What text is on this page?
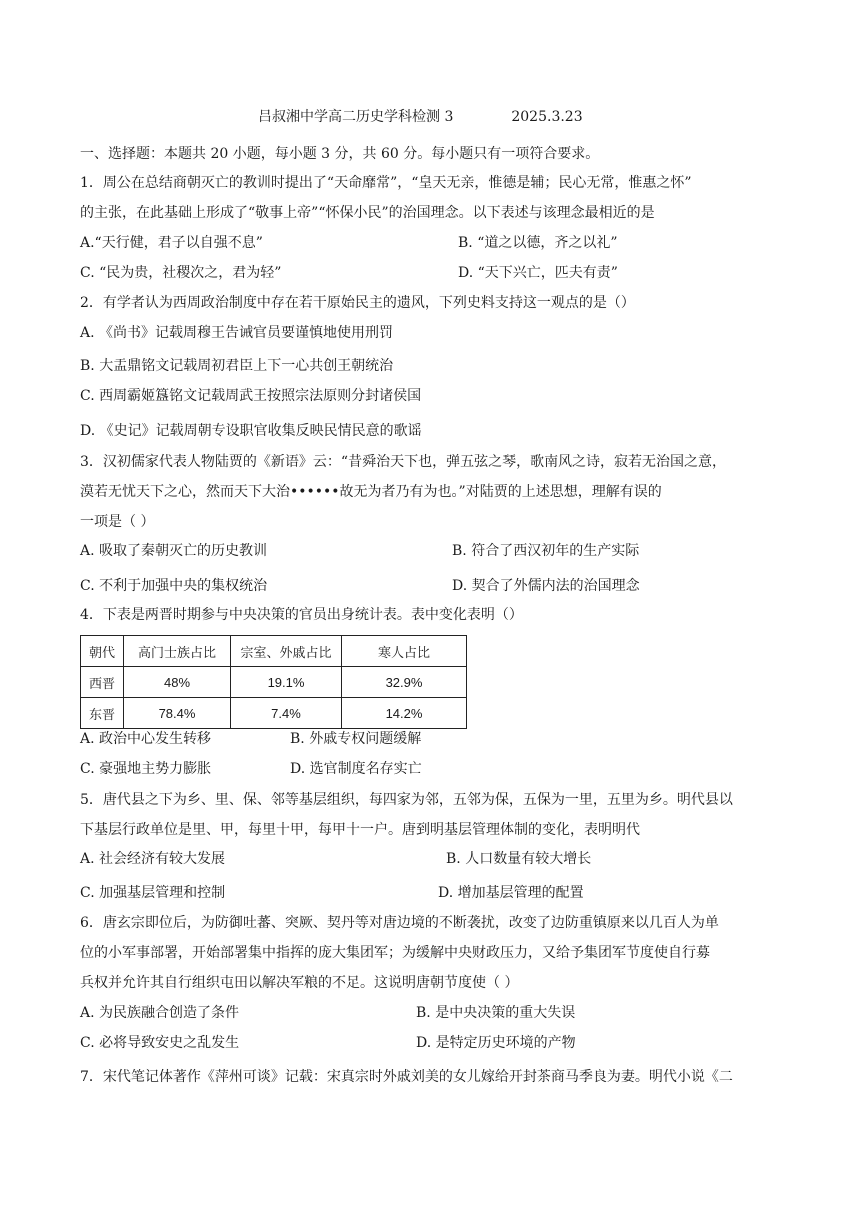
吕叔湘中学高二历史学科检测 3	2025.3.23
一、选择题：本题共 20 小题，每小题 3 分，共 60 分。每小题只有一项符合要求。
1．周公在总结商朝灭亡的教训时提出了“天命靡常”，“皇天无亲，惟德是辅；民心无常，惟惠之怀”
的主张，在此基础上形成了“敬事上帝”“怀保小民”的治国理念。以下表述与该理念最相近的是
A.“天行健，君子以自强不息”	B. “道之以德，齐之以礼”
C. “民为贵，社稷次之，君为轻”	D. “天下兴亡，匹夫有责”
2．有学者认为西周政治制度中存在若干原始民主的遗风，下列史料支持这一观点的是（）
A. 《尚书》记载周穆王告诫官员要谨慎地使用刑罚
B. 大盂鼎铭文记载周初君臣上下一心共创王朝统治
C. 西周霸姬簋铭文记载周武王按照宗法原则分封诸侯国
D. 《史记》记载周朝专设职官收集反映民情民意的歌谣
3．汉初儒家代表人物陆贾的《新语》云：“昔舜治天下也，弹五弦之琴，歌南风之诗，寂若无治国之意，
漠若无忧天下之心，然而天下大治••••••故无为者乃有为也。”对陆贾的上述思想，理解有误的
一项是（ ）
A. 吸取了秦朝灭亡的历史教训	B. 符合了西汉初年的生产实际
C. 不利于加强中央的集权统治	D. 契合了外儒内法的治国理念
4．下表是两晋时期参与中央决策的官员出身统计表。表中变化表明（）
朝代	高门士族占比	宗室、外戚占比	寒人占比
西晋	48%	19.1%	32.9%
东晋	78.4%	7.4%	14.2%
A. 政治中心发生转移	B. 外戚专权问题缓解
C. 豪强地主势力膨胀	D. 选官制度名存实亡
5．唐代县之下为乡、里、保、邻等基层组织，每四家为邻，五邻为保，五保为一里，五里为乡。明代县以
下基层行政单位是里、甲，每里十甲，每甲十一户。唐到明基层管理体制的变化，表明明代
A. 社会经济有较大发展	B. 人口数量有较大增长
C. 加强基层管理和控制	D. 增加基层管理的配置
6．唐玄宗即位后，为防御吐蕃、突厥、契丹等对唐边境的不断袭扰，改变了边防重镇原来以几百人为单
位的小军事部署，开始部署集中指挥的庞大集团军；为缓解中央财政压力，又给予集团军节度使自行募
兵权并允许其自行组织屯田以解决军粮的不足。这说明唐朝节度使（ ）
A. 为民族融合创造了条件	B. 是中央决策的重大失误
C. 必将导致安史之乱发生	D. 是特定历史环境的产物
7．宋代笔记体著作《萍州可谈》记载：宋真宗时外戚刘美的女儿嫁给开封茶商马季良为妻。明代小说《二
